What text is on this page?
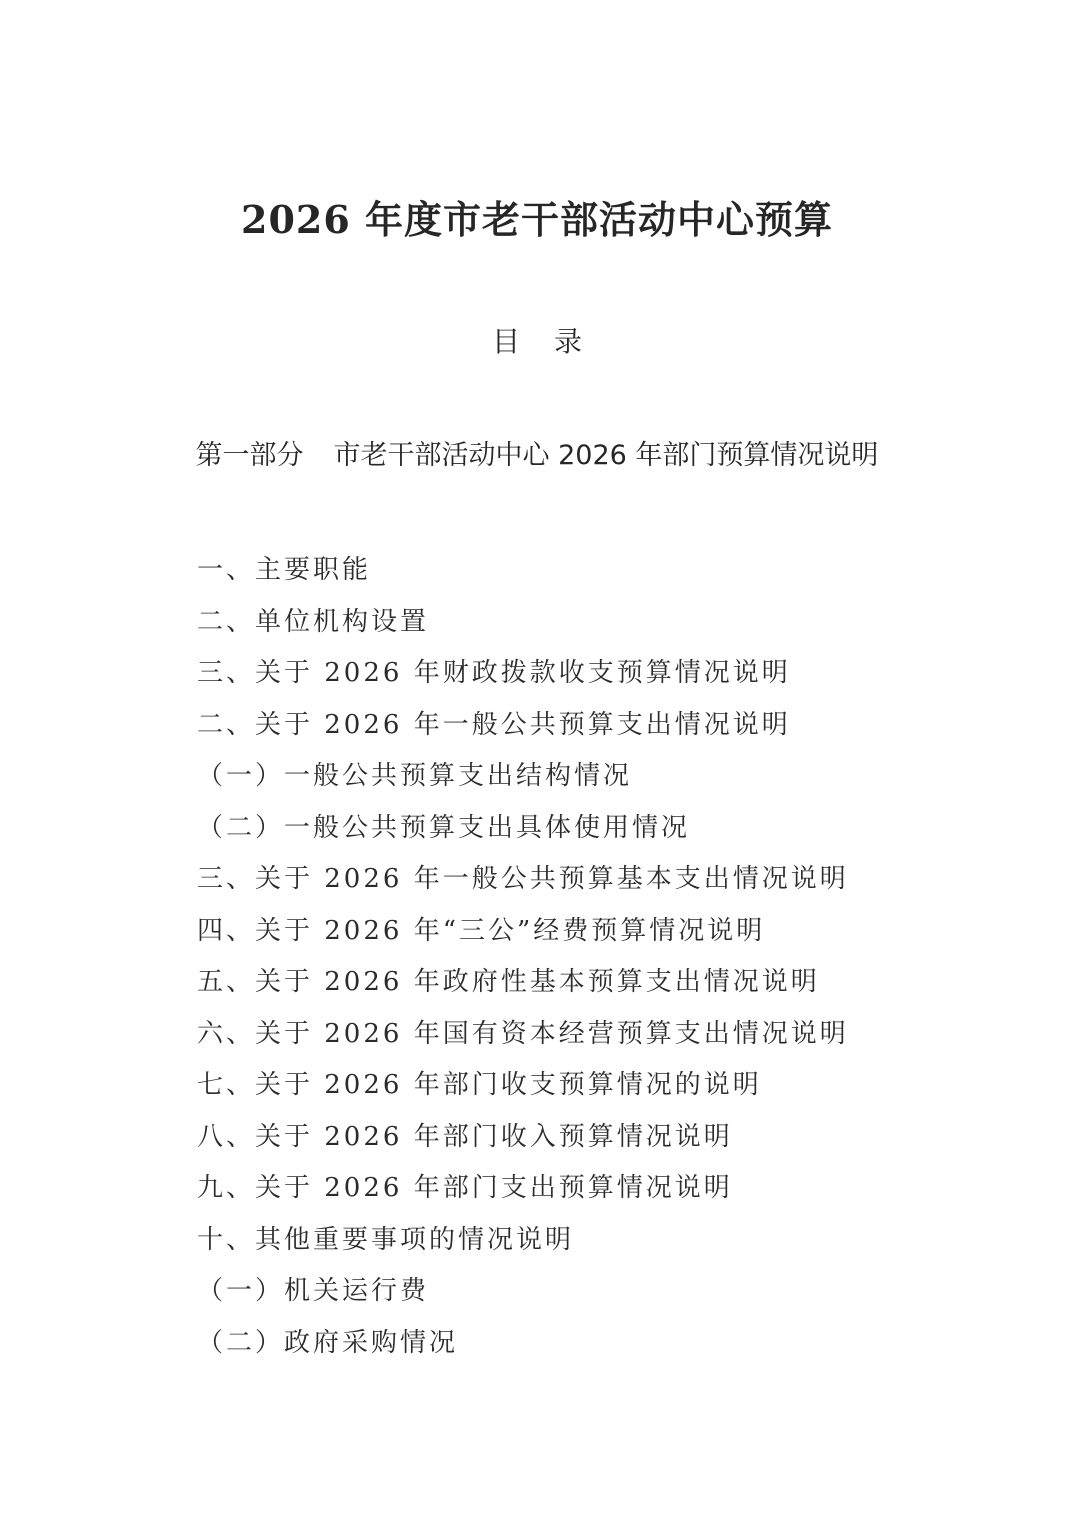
2026 年度市老干部活动中心预算
目 录
第一部分 市老干部活动中心 2026 年部门预算情况说明
一、主要职能
二、单位机构设置
三、关于 2026 年财政拨款收支预算情况说明
二、关于 2026 年一般公共预算支出情况说明
（一）一般公共预算支出结构情况
（二）一般公共预算支出具体使用情况
三、关于 2026 年一般公共预算基本支出情况说明
四、关于 2026 年“三公”经费预算情况说明
五、关于 2026 年政府性基本预算支出情况说明
六、关于 2026 年国有资本经营预算支出情况说明
七、关于 2026 年部门收支预算情况的说明
八、关于 2026 年部门收入预算情况说明
九、关于 2026 年部门支出预算情况说明
十、其他重要事项的情况说明
（一）机关运行费
（二）政府采购情况
